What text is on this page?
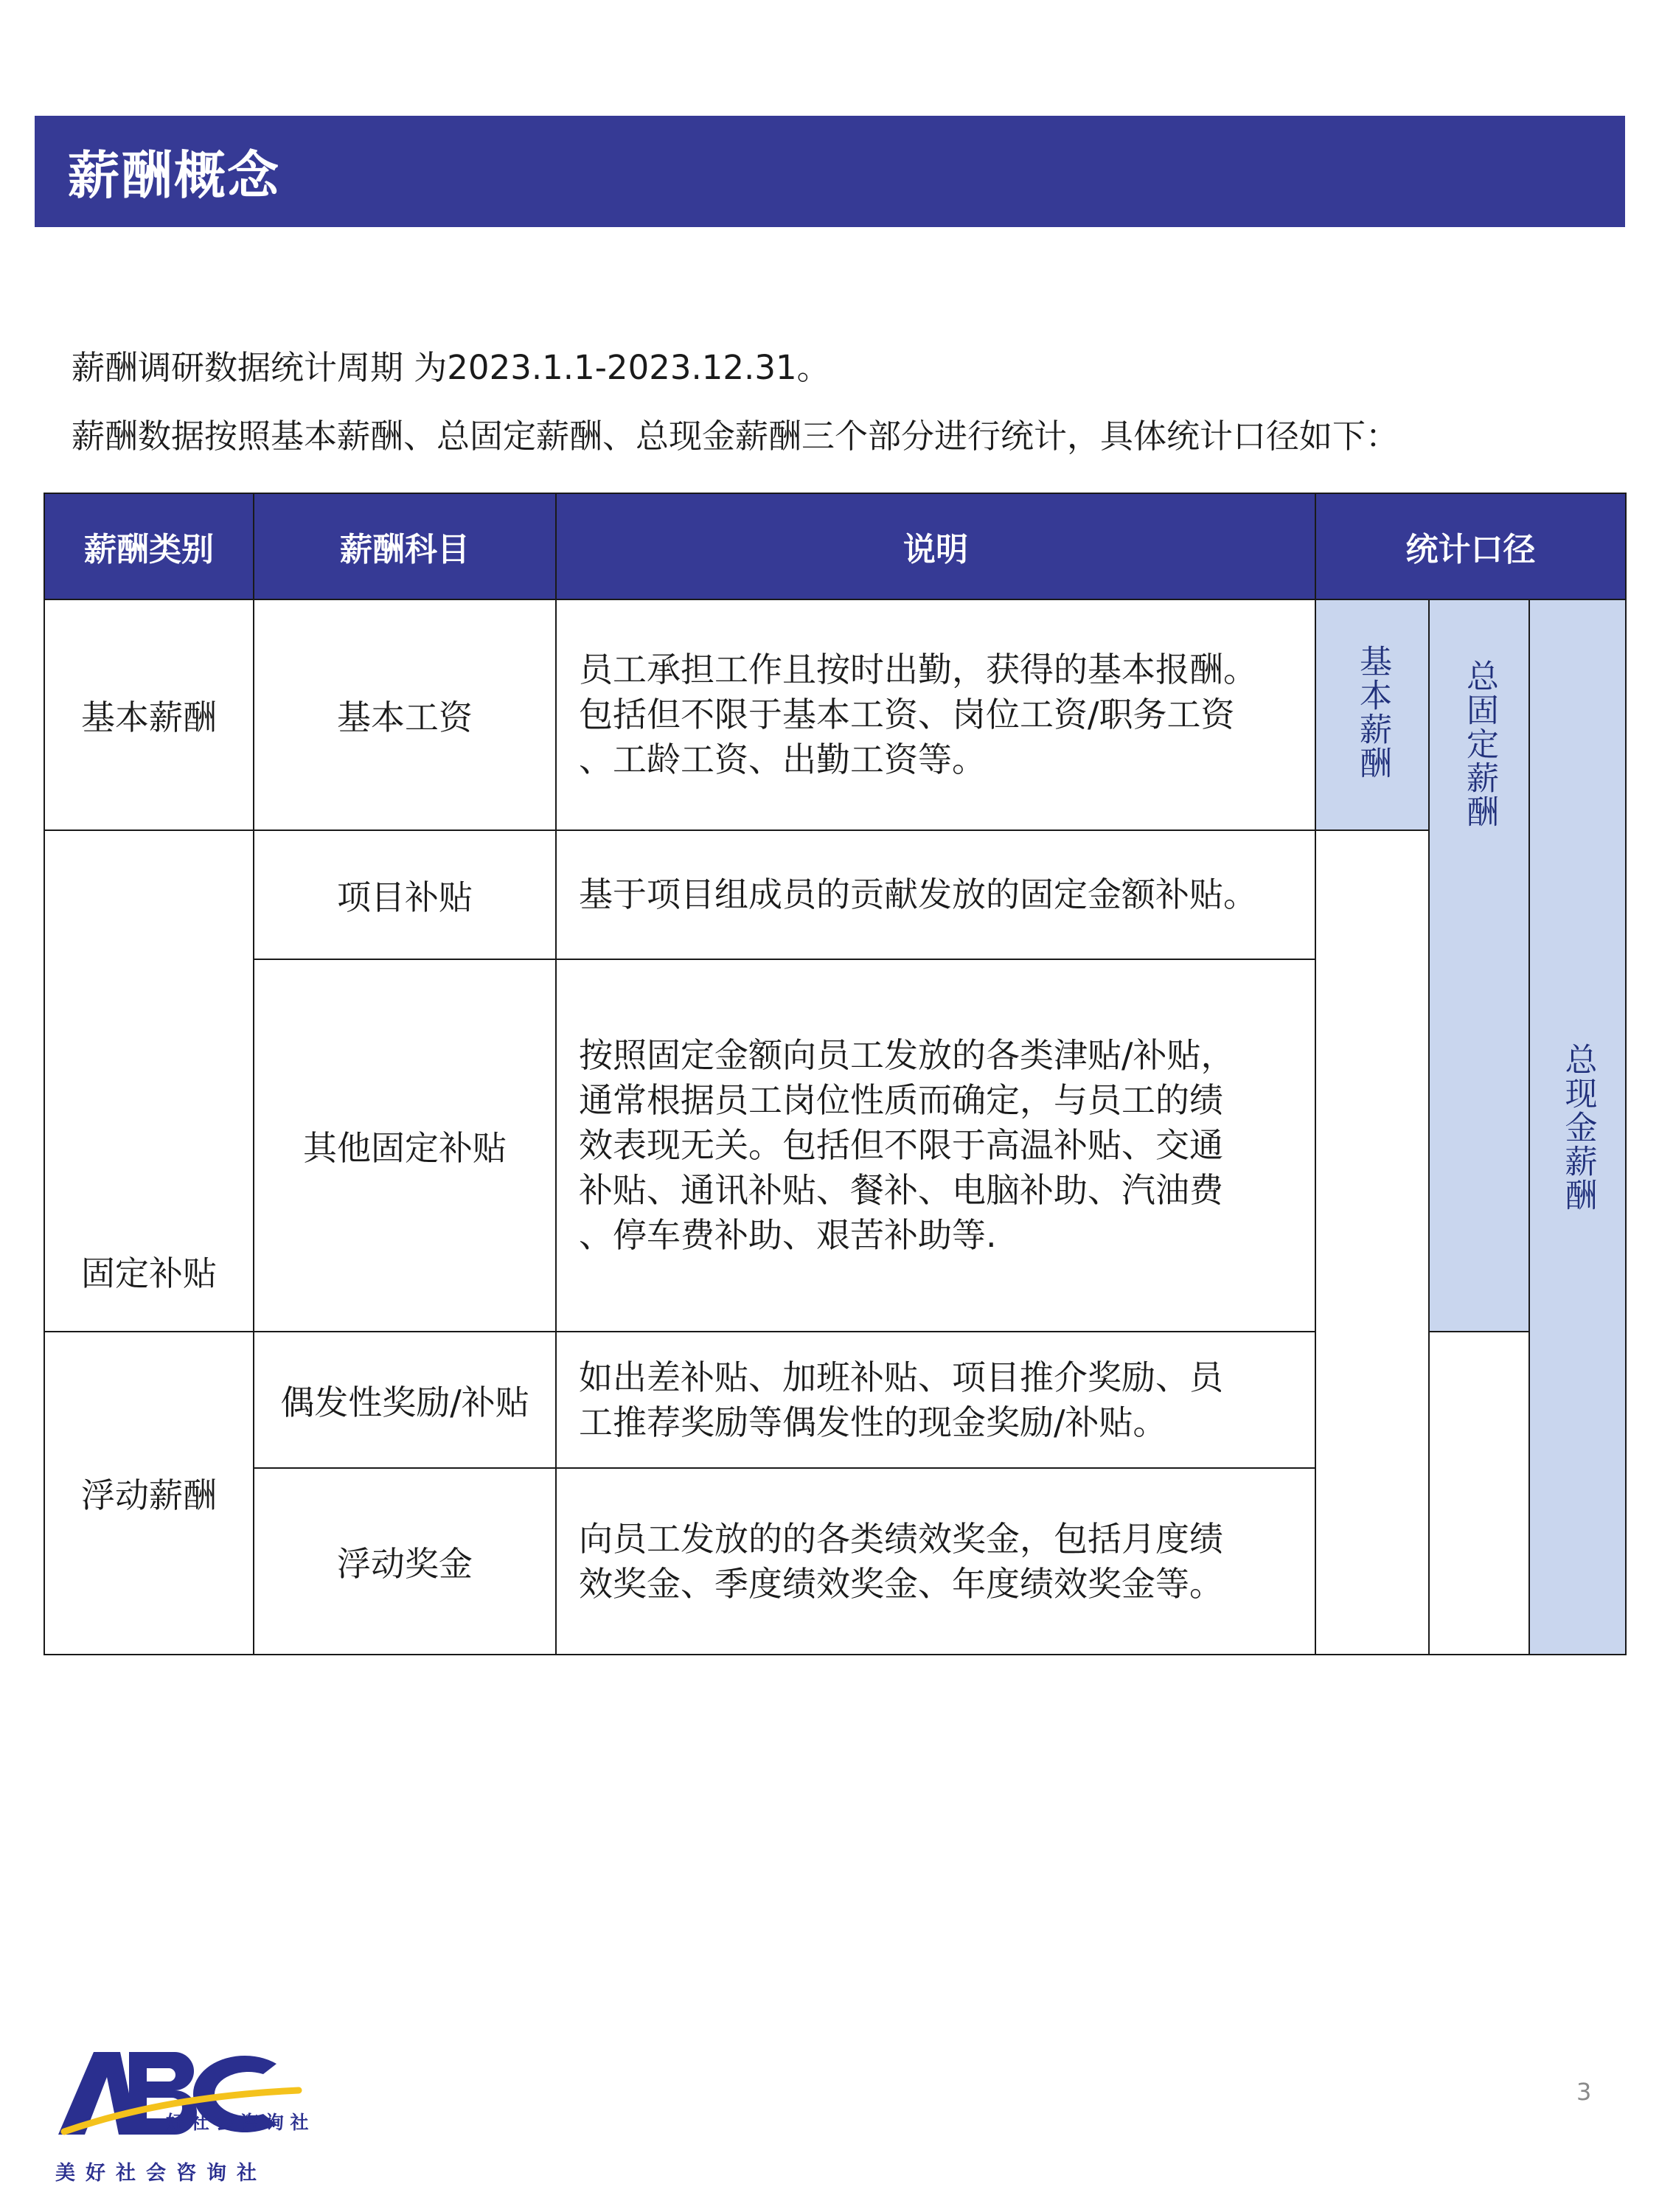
薪酬概念
薪酬调研数据统计周期 为2023.1.1-2023.12.31。
薪酬数据按照基本薪酬、总固定薪酬、总现金薪酬三个部分进行统计，具体统计口径如下：
薪酬类别	薪酬科目	说明	统计口径		
基本薪酬	基本工资	员工承担工作且按时出勤，获得的基本报酬。
包括但不限于基本工资、岗位工资/职务工资
、工龄工资、出勤工资等。	基本薪酬	总固定薪酬	总现金薪酬

固定补贴	项目补贴	基于项目组成员的贡献发放的固定金额补贴。			

	其他固定补贴	按照固定金额向员工发放的各类津贴/补贴，
通常根据员工岗位性质而确定，与员工的绩
效表现无关。包括但不限于高温补贴、交通
补贴、通讯补贴、餐补、电脑补助、汽油费
、停车费补助、艰苦补助等.			

浮动薪酬	偶发性奖励/补贴	如出差补贴、加班补贴、项目推介奖励、员
工推荐奖励等偶发性的现金奖励/补贴。			

	浮动奖金	向员工发放的的各类绩效奖金，包括月度绩
效奖金、季度绩效奖金、年度绩效奖金等。			
好 社 会 咨 询 社
美好社会咨询社
3
